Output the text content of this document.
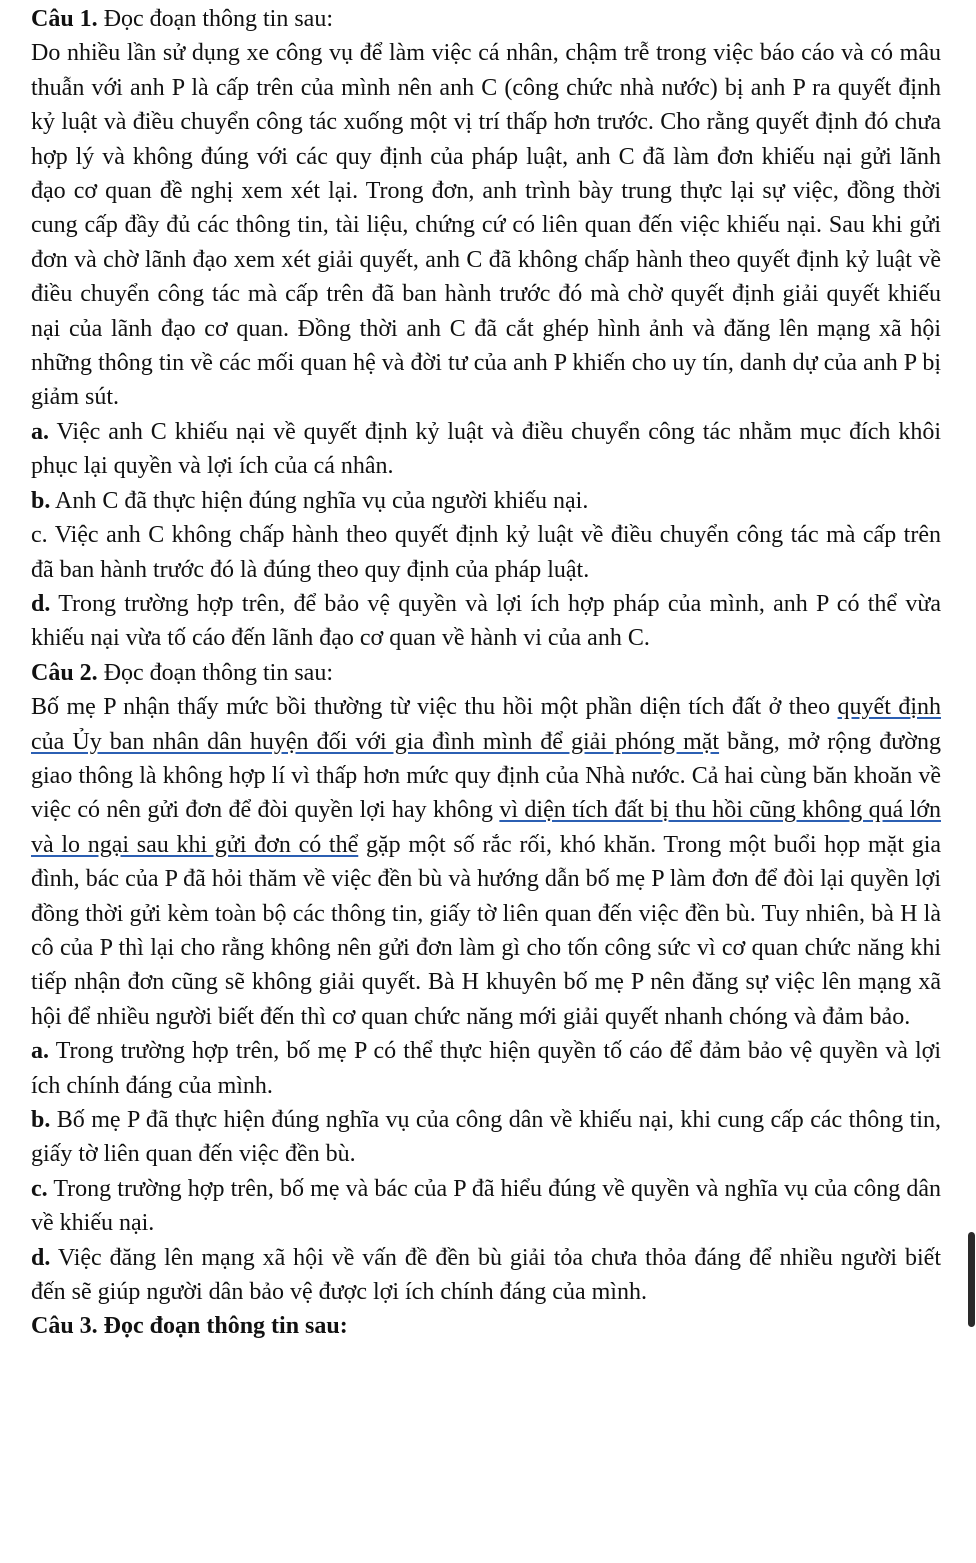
Câu 1. Đọc đoạn thông tin sau:

Do nhiều lần sử dụng xe công vụ để làm việc cá nhân, chậm trễ trong việc báo cáo và có mâu thuẫn với anh P là cấp trên của mình nên anh C (công chức nhà nước) bị anh P ra quyết định kỷ luật và điều chuyển công tác xuống một vị trí thấp hơn trước. Cho rằng quyết định đó chưa hợp lý và không đúng với các quy định của pháp luật, anh C đã làm đơn khiếu nại gửi lãnh đạo cơ quan đề nghị xem xét lại. Trong đơn, anh trình bày trung thực lại sự việc, đồng thời cung cấp đầy đủ các thông tin, tài liệu, chứng cứ có liên quan đến việc khiếu nại. Sau khi gửi đơn và chờ lãnh đạo xem xét giải quyết, anh C đã không chấp hành theo quyết định kỷ luật về điều chuyển công tác mà cấp trên đã ban hành trước đó mà chờ quyết định giải quyết khiếu nại của lãnh đạo cơ quan. Đồng thời anh C đã cắt ghép hình ảnh và đăng lên mạng xã hội những thông tin về các mối quan hệ và đời tư của anh P khiến cho uy tín, danh dự của anh P bị giảm sút.

a. Việc anh C khiếu nại về quyết định kỷ luật và điều chuyển công tác nhằm mục đích khôi phục lại quyền và lợi ích của cá nhân.

b. Anh C đã thực hiện đúng nghĩa vụ của người khiếu nại.

c. Việc anh C không chấp hành theo quyết định kỷ luật về điều chuyển công tác mà cấp trên đã ban hành trước đó là đúng theo quy định của pháp luật.

d. Trong trường hợp trên, để bảo vệ quyền và lợi ích hợp pháp của mình, anh P có thể vừa khiếu nại vừa tố cáo đến lãnh đạo cơ quan về hành vi của anh C.

Câu 2. Đọc đoạn thông tin sau:

Bố mẹ P nhận thấy mức bồi thường từ việc thu hồi một phần diện tích đất ở theo quyết định của Ủy ban nhân dân huyện đối với gia đình mình để giải phóng mặt bằng, mở rộng đường giao thông là không hợp lí vì thấp hơn mức quy định của Nhà nước. Cả hai cùng băn khoăn về việc có nên gửi đơn để đòi quyền lợi hay không vì diện tích đất bị thu hồi cũng không quá lớn và lo ngại sau khi gửi đơn có thể gặp một số rắc rối, khó khăn. Trong một buổi họp mặt gia đình, bác của P đã hỏi thăm về việc đền bù và hướng dẫn bố mẹ P làm đơn để đòi lại quyền lợi đồng thời gửi kèm toàn bộ các thông tin, giấy tờ liên quan đến việc đền bù. Tuy nhiên, bà H là cô của P thì lại cho rằng không nên gửi đơn làm gì cho tốn công sức vì cơ quan chức năng khi tiếp nhận đơn cũng sẽ không giải quyết. Bà H khuyên bố mẹ P nên đăng sự việc lên mạng xã hội để nhiều người biết đến thì cơ quan chức năng mới giải quyết nhanh chóng và đảm bảo.

a. Trong trường hợp trên, bố mẹ P có thể thực hiện quyền tố cáo để đảm bảo vệ quyền và lợi ích chính đáng của mình.

b. Bố mẹ P đã thực hiện đúng nghĩa vụ của công dân về khiếu nại, khi cung cấp các thông tin, giấy tờ liên quan đến việc đền bù.

c. Trong trường hợp trên, bố mẹ và bác của P đã hiểu đúng về quyền và nghĩa vụ của công dân về khiếu nại.

d. Việc đăng lên mạng xã hội về vấn đề đền bù giải tỏa chưa thỏa đáng để nhiều người biết đến sẽ giúp người dân bảo vệ được lợi ích chính đáng của mình.

Câu 3. Đọc đoạn thông tin sau:
